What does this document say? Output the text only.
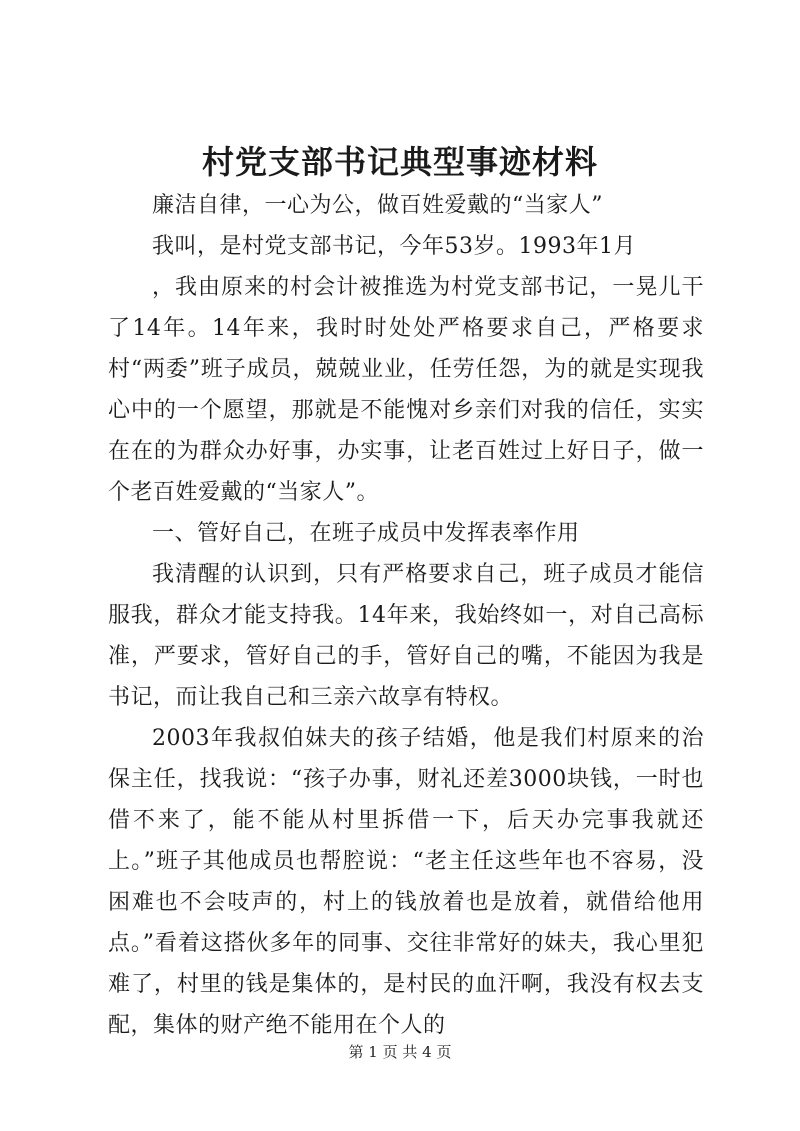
村党支部书记典型事迹材料

廉洁自律，一心为公，做百姓爱戴的“当家人”

我叫，是村党支部书记，今年53岁。1993年1月

，我由原来的村会计被推选为村党支部书记，一晃儿干了14年。14年来，我时时处处严格要求自己，严格要求村“两委”班子成员，兢兢业业，任劳任怨，为的就是实现我心中的一个愿望，那就是不能愧对乡亲们对我的信任，实实在在的为群众办好事，办实事，让老百姓过上好日子，做一个老百姓爱戴的“当家人”。

一、管好自己，在班子成员中发挥表率作用

我清醒的认识到，只有严格要求自己，班子成员才能信服我，群众才能支持我。14年来，我始终如一，对自己高标准，严要求，管好自己的手，管好自己的嘴，不能因为我是书记，而让我自己和三亲六故享有特权。

2003年我叔伯妹夫的孩子结婚，他是我们村原来的治保主任，找我说：“孩子办事，财礼还差3000块钱，一时也借不来了，能不能从村里拆借一下，后天办完事我就还上。”班子其他成员也帮腔说：“老主任这些年也不容易，没困难也不会吱声的，村上的钱放着也是放着，就借给他用点。”看着这搭伙多年的同事、交往非常好的妹夫，我心里犯难了，村里的钱是集体的，是村民的血汗啊，我没有权去支配，集体的财产绝不能用在个人的

第 1 页 共 4 页
